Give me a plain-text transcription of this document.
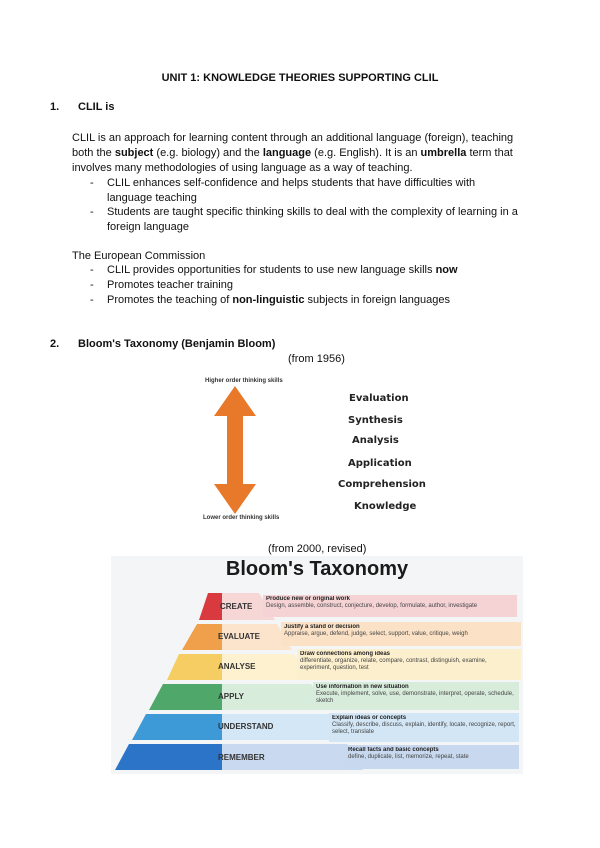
UNIT 1: KNOWLEDGE THEORIES SUPPORTING CLIL
1. CLIL is
CLIL is an approach for learning content through an additional language (foreign), teaching
both the subject (e.g. biology) and the language (e.g. English). It is an umbrella term that
involves many methodologies of using language as a way of teaching.
- CLIL enhances self-confidence and helps students that have difficulties with
language teaching
- Students are taught specific thinking skills to deal with the complexity of learning in a
foreign language
The European Commission
- CLIL provides opportunities for students to use new language skills now
- Promotes teacher training
- Promotes the teaching of non-linguistic subjects in foreign languages
2. Bloom's Taxonomy (Benjamin Bloom)
(from 1956)
Higher order thinking skills
Lower order thinking skills
Evaluation
Synthesis
Analysis
Application
Comprehension
Knowledge
(from 2000, revised)
Bloom's Taxonomy
CREATE
EVALUATE
ANALYSE
APPLY
UNDERSTAND
REMEMBER
Produce new or original work
Design, assemble, construct, conjecture, develop, formulate, author, investigate
Justify a stand or decision
Appraise, argue, defend, judge, select, support, value, critique, weigh
Draw connections among ideas
differentiate, organize, relate, compare, contrast, distinguish, examine, experiment, question, test
Use information in new situation
Execute, implement, solve, use, demonstrate, interpret, operate, schedule, sketch
Explain ideas or concepts
Classify, describe, discuss, explain, identify, locate, recognize, report, select, translate
Recall facts and basic concepts
define, duplicate, list, memorize, repeat, state
